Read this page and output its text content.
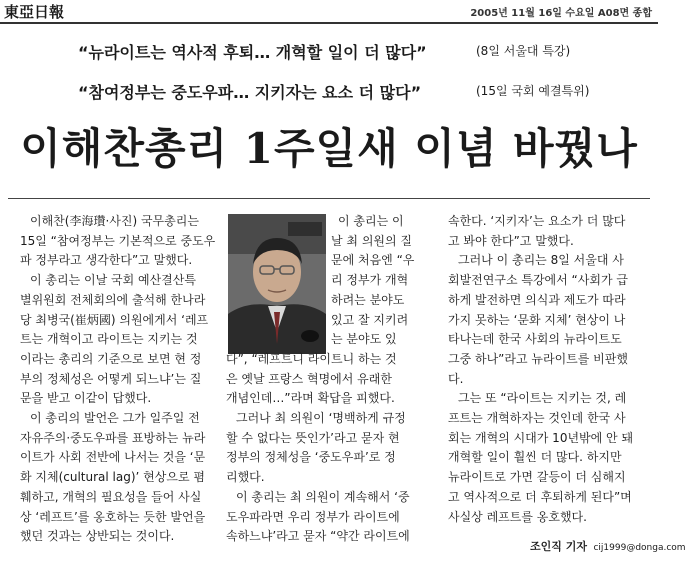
東亞日報	2005년 11월 16일 수요일 A08면 종합
“뉴라이트는 역사적 후퇴… 개혁할 일이 더 많다”	(8일 서울대 특강)
“참여정부는 중도우파… 지키자는 요소 더 많다”	(15일 국회 예결특위)
이해찬총리 1주일새 이념 바꿨나

이해찬(李海瓚·사진) 국무총리는

15일 “참여정부는 기본적으로 중도우

파 정부라고 생각한다”고 말했다.

이 총리는 이날 국회 예산결산특

별위원회 전체회의에 출석해 한나라

당 최병국(崔炳國) 의원에게서 ‘레프

트는 개혁이고 라이트는 지키는 것

이라는 총리의 기준으로 보면 현 정

부의 정체성은 어떻게 되느냐’는 질

문을 받고 이같이 답했다.

이 총리의 발언은 그가 일주일 전

자유주의·중도우파를 표방하는 뉴라

이트가 사회 전반에 나서는 것을 ‘문

화 지체(cultural lag)’ 현상으로 폄

훼하고, 개혁의 필요성을 들어 사실

상 ‘레프트’를 옹호하는 듯한 발언을

했던 것과는 상반되는 것이다.

이 총리는 이

날 최 의원의 질

문에 처음엔 “우

리 정부가 개혁

하려는 분야도

있고 잘 지키려

는 분야도 있

다”, “레프트니 라이트니 하는 것

은 옛날 프랑스 혁명에서 유래한

개념인데…”라며 확답을 피했다.

그러나 최 의원이 ‘명백하게 규정

할 수 없다는 뜻인가’라고 묻자 현

정부의 정체성을 ‘중도우파’로 정

리했다.

이 총리는 최 의원이 계속해서 ‘중

도우파라면 우리 정부가 라이트에

속하느냐’라고 묻자 “약간 라이트에

속한다. ‘지키자’는 요소가 더 많다

고 봐야 한다”고 말했다.

그러나 이 총리는 8일 서울대 사

회발전연구소 특강에서 “사회가 급

하게 발전하면 의식과 제도가 따라

가지 못하는 ‘문화 지체’ 현상이 나

타나는데 한국 사회의 뉴라이트도

그중 하나”라고 뉴라이트를 비판했

다.

그는 또 “라이트는 지키는 것, 레

프트는 개혁하자는 것인데 한국 사

회는 개혁의 시대가 10년밖에 안 돼

개혁할 일이 훨씬 더 많다. 하지만

뉴라이트로 가면 갈등이 더 심해지

고 역사적으로 더 후퇴하게 된다”며

사실상 레프트를 옹호했다.

조인직 기자 cij1999@donga.com
